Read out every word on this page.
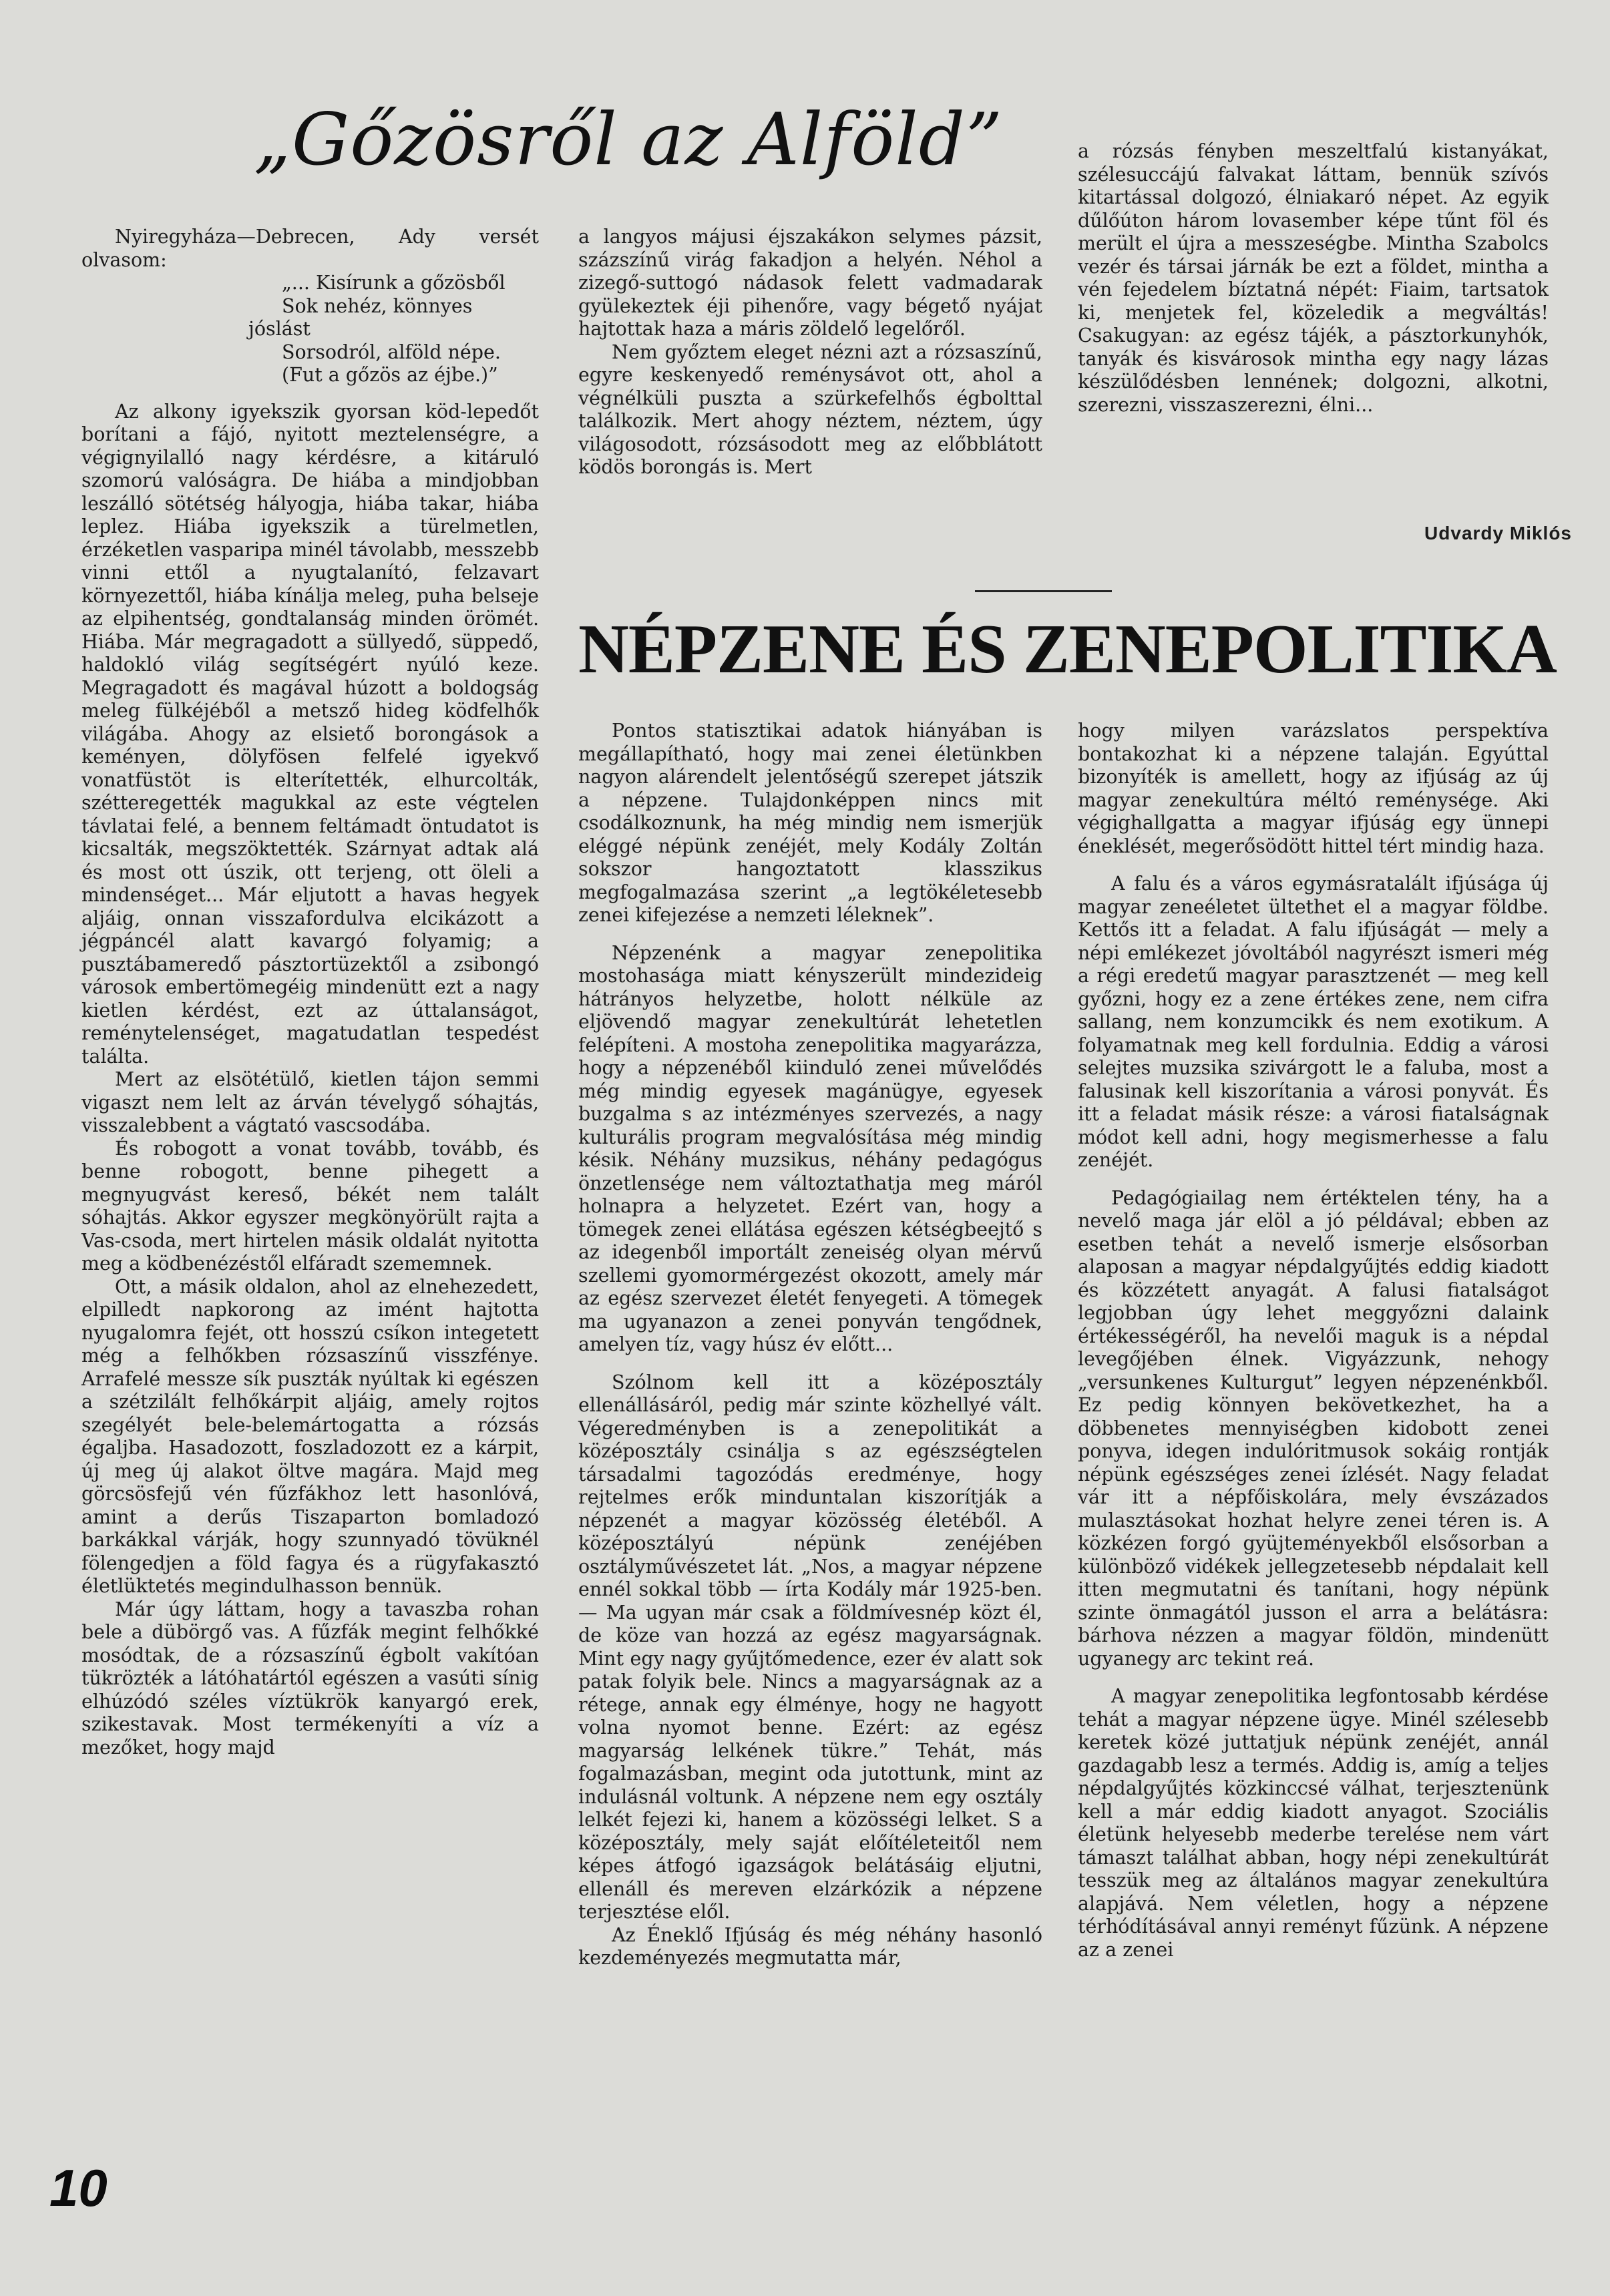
„Gőzösről az Alföld”

Nyiregyháza—Debrecen, Ady versét olvasom:

„... Kisírunk a gőzösből

Sok nehéz, könnyes jóslást

Sorsodról, alföld népe.

(Fut a gőzös az éjbe.)”

Az alkony igyekszik gyorsan köd-lepedőt borítani a fájó, nyitott meztelenségre, a végignyilalló nagy kérdésre, a kitáruló szomorú valóságra. De hiába a mindjobban leszálló sötétség hályogja, hiába takar, hiába leplez. Hiába igyekszik a türelmetlen, érzéketlen vasparipa minél távolabb, messzebb vinni ettől a nyugtalanító, felzavart környezettől, hiába kínálja meleg, puha belseje az elpihentség, gondtalanság minden örömét. Hiába. Már megragadott a süllyedő, süppedő, haldokló világ segítségért nyúló keze. Megragadott és magával húzott a boldogság meleg fülkéjéből a metsző hideg ködfelhők világába. Ahogy az elsiető borongások a keményen, dölyfösen felfelé igyekvő vonatfüstöt is elterítették, elhurcolták, szétteregették magukkal az este végtelen távlatai felé, a bennem feltámadt öntudatot is kicsalták, megszöktették. Szárnyat adtak alá és most ott úszik, ott terjeng, ott öleli a mindenséget... Már eljutott a havas hegyek aljáig, onnan visszafordulva elcikázott a jégpáncél alatt kavargó folyamig; a pusztábameredő pásztortüzektől a zsibongó városok embertömegéig mindenütt ezt a nagy kietlen kérdést, ezt az úttalanságot, reménytelenséget, magatudatlan tespedést találta.

Mert az elsötétülő, kietlen tájon semmi vigaszt nem lelt az árván tévelygő sóhajtás, visszalebbent a vágtató vascsodába.

És robogott a vonat tovább, tovább, és benne robogott, benne pihegett a megnyugvást kereső, békét nem talált sóhajtás. Akkor egyszer megkönyörült rajta a Vas-csoda, mert hirtelen másik oldalát nyitotta meg a ködbenézéstől elfáradt szememnek.

Ott, a másik oldalon, ahol az elnehezedett, elpilledt napkorong az imént hajtotta nyugalomra fejét, ott hosszú csíkon integetett még a felhőkben rózsaszínű visszfénye. Arrafelé messze sík puszták nyúltak ki egészen a szétzilált felhőkárpit aljáig, amely rojtos szegélyét bele-belemártogatta a rózsás égaljba. Hasadozott, foszladozott ez a kárpit, új meg új alakot öltve magára. Majd meg görcsösfejű vén fűzfákhoz lett hasonlóvá, amint a derűs Tiszaparton bomladozó barkákkal várják, hogy szunnyadó tövüknél fölengedjen a föld fagya és a rügyfakasztó életlüktetés megindulhasson bennük.

Már úgy láttam, hogy a tavaszba rohan bele a dübörgő vas. A fűzfák megint felhőkké mosódtak, de a rózsaszínű égbolt vakítóan tükrözték a látóhatártól egészen a vasúti sínig elhúzódó széles víztükrök kanyargó erek, szikestavak. Most termékenyíti a víz a mezőket, hogy majd

a langyos májusi éjszakákon selymes pázsit, százszínű virág fakadjon a helyén. Néhol a zizegő-suttogó nádasok felett vadmadarak gyülekeztek éji pihenőre, vagy bégető nyájat hajtottak haza a máris zöldelő legelőről.

Nem győztem eleget nézni azt a rózsaszínű, egyre keskenyedő reménysávot ott, ahol a végnélküli puszta a szürkefelhős égbolttal találkozik. Mert ahogy néztem, néztem, úgy világosodott, rózsásodott meg az előbblátott ködös borongás is. Mert

a rózsás fényben meszeltfalú kistanyákat, szélesuccájú falvakat láttam, bennük szívós kitartással dolgozó, élniakaró népet. Az egyik dűlőúton három lovasember képe tűnt föl és merült el újra a messzeségbe. Mintha Szabolcs vezér és társai járnák be ezt a földet, mintha a vén fejedelem bíztatná népét: Fiaim, tartsatok ki, menjetek fel, közeledik a megváltás! Csakugyan: az egész tájék, a pásztorkunyhók, tanyák és kisvárosok mintha egy nagy lázas készülődésben lennének; dolgozni, alkotni, szerezni, visszaszerezni, élni...

Udvardy Miklós
NÉPZENE ÉS ZENEPOLITIKA

Pontos statisztikai adatok hiányában is megállapítható, hogy mai zenei életünkben nagyon alárendelt jelentőségű szerepet játszik a népzene. Tulajdonképpen nincs mit csodálkoznunk, ha még mindig nem ismerjük eléggé népünk zenéjét, mely Kodály Zoltán sokszor hangoztatott klasszikus megfogalmazása szerint „a legtökéletesebb zenei kifejezése a nemzeti léleknek”.

Népzenénk a magyar zenepolitika mostohasága miatt kényszerült mindezideig hátrányos helyzetbe, holott nélküle az eljövendő magyar zenekultúrát lehetetlen felépíteni. A mostoha zenepolitika magyarázza, hogy a népzenéből kiinduló zenei művelődés még mindig egyesek magánügye, egyesek buzgalma s az intézményes szervezés, a nagy kulturális program megvalósítása még mindig késik. Néhány muzsikus, néhány pedagógus önzetlensége nem változtathatja meg máról holnapra a helyzetet. Ezért van, hogy a tömegek zenei ellátása egészen kétségbeejtő s az idegenből importált zeneiség olyan mérvű szellemi gyomormérgezést okozott, amely már az egész szervezet életét fenyegeti. A tömegek ma ugyanazon a zenei ponyván tengődnek, amelyen tíz, vagy húsz év előtt...

Szólnom kell itt a középosztály ellenállásáról, pedig már szinte közhellyé vált. Végeredményben is a zenepolitikát a középosztály csinálja s az egészségtelen társadalmi tagozódás eredménye, hogy rejtelmes erők minduntalan kiszorítják a népzenét a magyar közösség életéből. A középosztályú népünk zenéjében osztályművészetet lát. „Nos, a magyar népzene ennél sokkal több — írta Kodály már 1925-ben. — Ma ugyan már csak a földmívesnép közt él, de köze van hozzá az egész magyarságnak. Mint egy nagy gyűjtőmedence, ezer év alatt sok patak folyik bele. Nincs a magyarságnak az a rétege, annak egy élménye, hogy ne hagyott volna nyomot benne. Ezért: az egész magyarság lelkének tükre.” Tehát, más fogalmazásban, megint oda jutottunk, mint az indulásnál voltunk. A népzene nem egy osztály lelkét fejezi ki, hanem a közösségi lelket. S a középosztály, mely saját előítéleteitől nem képes átfogó igazságok belátásáig eljutni, ellenáll és mereven elzárkózik a népzene terjesztése elől.

Az Éneklő Ifjúság és még néhány hasonló kezdeményezés megmutatta már,

hogy milyen varázslatos perspektíva bontakozhat ki a népzene talaján. Egyúttal bizonyíték is amellett, hogy az ifjúság az új magyar zenekultúra méltó reménysége. Aki végighallgatta a magyar ifjúság egy ünnepi éneklését, megerősödött hittel tért mindig haza.

A falu és a város egymásratalált ifjúsága új magyar zeneéletet ültethet el a magyar földbe. Kettős itt a feladat. A falu ifjúságát — mely a népi emlékezet jóvoltából nagyrészt ismeri még a régi eredetű magyar parasztzenét — meg kell győzni, hogy ez a zene értékes zene, nem cifra sallang, nem konzumcikk és nem exotikum. A folyamatnak meg kell fordulnia. Eddig a városi selejtes muzsika szivárgott le a faluba, most a falusinak kell kiszorítania a városi ponyvát. És itt a feladat másik része: a városi fiatalságnak módot kell adni, hogy megismerhesse a falu zenéjét.

Pedagógiailag nem értéktelen tény, ha a nevelő maga jár elöl a jó példával; ebben az esetben tehát a nevelő ismerje elsősorban alaposan a magyar népdalgyűjtés eddig kiadott és közzétett anyagát. A falusi fiatalságot legjobban úgy lehet meggyőzni dalaink értékességéről, ha nevelői maguk is a népdal levegőjében élnek. Vigyázzunk, nehogy „versunkenes Kulturgut” legyen népzenénkből. Ez pedig könnyen bekövetkezhet, ha a döbbenetes mennyiségben kidobott zenei ponyva, idegen indulóritmusok sokáig rontják népünk egészséges zenei ízlését. Nagy feladat vár itt a népfőiskolára, mely évszázados mulasztásokat hozhat helyre zenei téren is. A közkézen forgó gyüjteményekből elsősorban a különböző vidékek jellegzetesebb népdalait kell itten megmutatni és tanítani, hogy népünk szinte önmagától jusson el arra a belátásra: bárhova nézzen a magyar földön, mindenütt ugyanegy arc tekint reá.

A magyar zenepolitika legfontosabb kérdése tehát a magyar népzene ügye. Minél szélesebb keretek közé juttatjuk népünk zenéjét, annál gazdagabb lesz a termés. Addig is, amíg a teljes népdalgyűjtés közkinccsé válhat, terjesztenünk kell a már eddig kiadott anyagot. Szociális életünk helyesebb mederbe terelése nem várt támaszt találhat abban, hogy népi zenekultúrát tesszük meg az általános magyar zenekultúra alapjává. Nem véletlen, hogy a népzene térhódításával annyi reményt fűzünk. A népzene az a zenei

10
